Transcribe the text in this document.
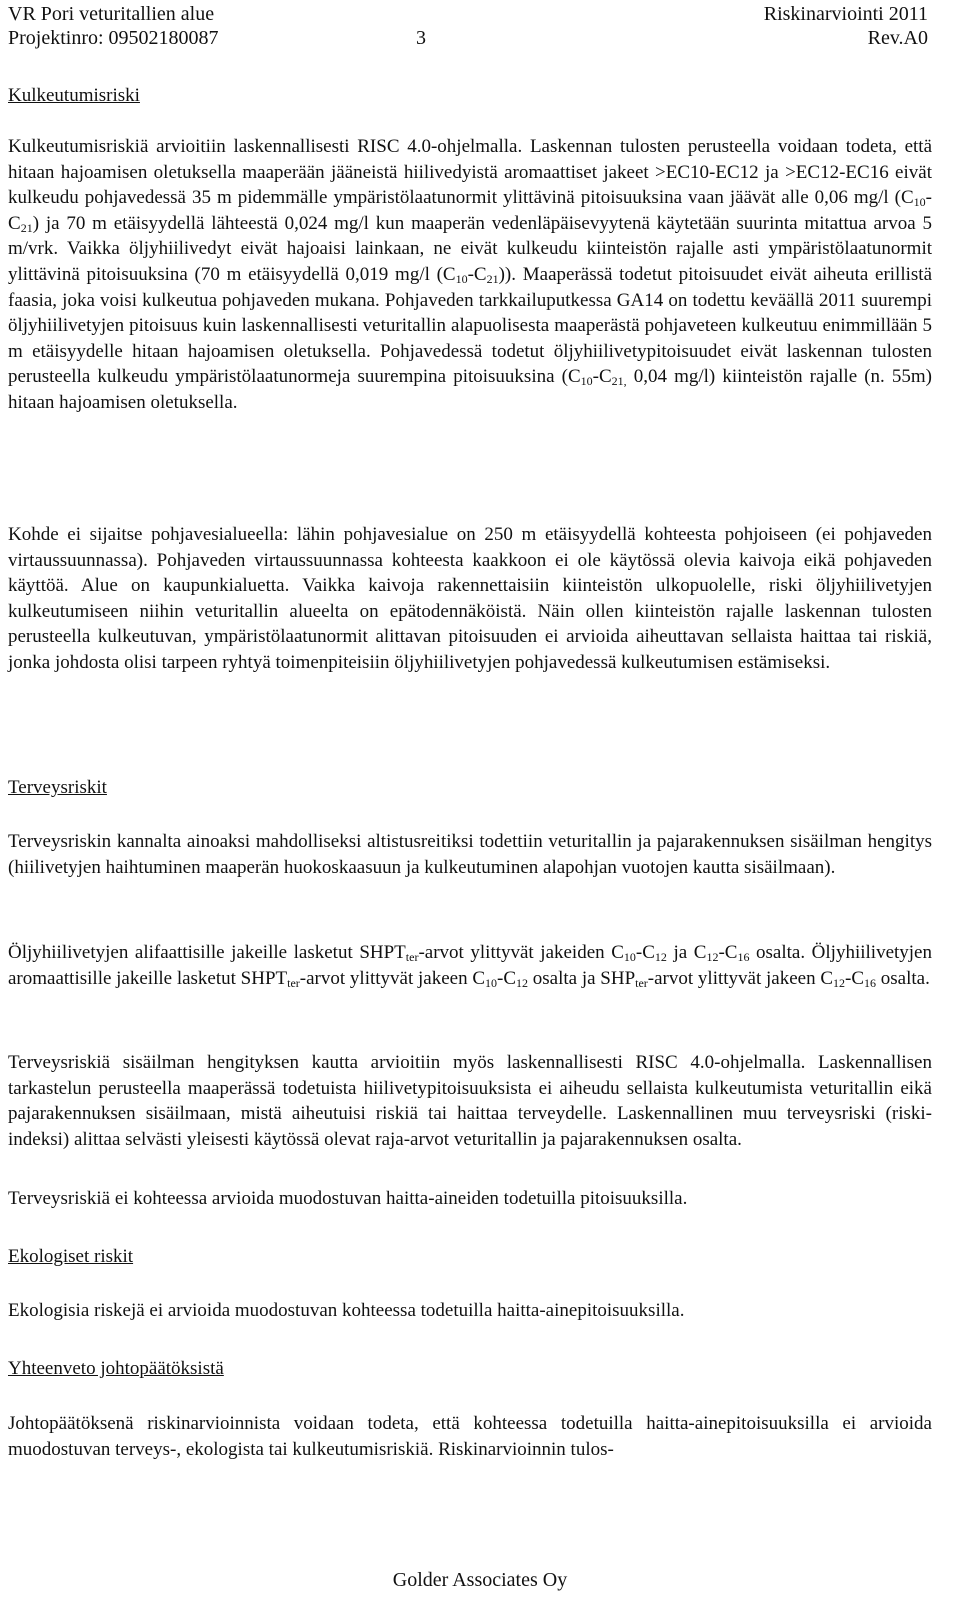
VR Pori veturitallien alue	Riskinarviointi 2011
Projektinro: 09502180087	3	Rev.A0
Kulkeutumisriski

Kulkeutumisriskiä arvioitiin laskennallisesti RISC 4.0-ohjelmalla. Laskennan tulosten perusteella voidaan todeta, että hitaan hajoamisen oletuksella maaperään jääneistä hiilivedyistä aromaattiset jakeet >EC10-EC12 ja >EC12-EC16 eivät kulkeudu pohjavedessä 35 m pidemmälle ympäristölaatunormit ylittävinä pitoisuuksina vaan jäävät alle 0,06 mg/l $(C_{10}-C_{21})$ ja 70 m etäisyydellä lähteestä 0,024 mg/l kun maaperän vedenläpäisevyytenä käytetään suurinta mitattua arvoa 5 m/vrk. Vaikka öljyhiilivedyt eivät hajoaisi lainkaan, ne eivät kulkeudu kiinteistön rajalle asti ympäristölaatunormit ylittävinä pitoisuuksina (70 m etäisyydellä 0,019 mg/l $(C_{10}-C_{21})$). Maaperässä todetut pitoisuudet eivät aiheuta erillistä faasia, joka voisi kulkeutua pohjaveden mukana. Pohjaveden tarkkailuputkessa GA14 on todettu keväällä 2011 suurempi öljyhiilivetyjen pitoisuus kuin laskennallisesti veturitallin alapuolisesta maaperästä pohjaveteen kulkeutuu enimmillään 5 m etäisyydelle hitaan hajoamisen oletuksella. Pohjavedessä todetut öljyhiilivetypitoisuudet eivät laskennan tulosten perusteella kulkeudu ympäristölaatunormeja suurempina pitoisuuksina ($C_{10}-C_{21,}$ 0,04 mg/l) kiinteistön rajalle (n. 55m) hitaan hajoamisen oletuksella.

Kohde ei sijaitse pohjavesialueella: lähin pohjavesialue on 250 m etäisyydellä kohteesta pohjoiseen (ei pohjaveden virtaussuunnassa). Pohjaveden virtaussuunnassa kohteesta kaakkoon ei ole käytössä olevia kaivoja eikä pohjaveden käyttöä. Alue on kaupunkialuetta. Vaikka kaivoja rakennettaisiin kiinteistön ulkopuolelle, riski öljyhiilivetyjen kulkeutumiseen niihin veturitallin alueelta on epätodennäköistä. Näin ollen kiinteistön rajalle laskennan tulosten perusteella kulkeutuvan, ympäristölaatunormit alittavan pitoisuuden ei arvioida aiheuttavan sellaista haittaa tai riskiä, jonka johdosta olisi tarpeen ryhtyä toimenpiteisiin öljyhiilivetyjen pohjavedessä kulkeutumisen estämiseksi.
Terveysriskit
Terveysriskin kannalta ainoaksi mahdolliseksi altistusreitiksi todettiin veturitallin ja pajarakennuksen sisäilman hengitys (hiilivetyjen haihtuminen maaperän huokoskaasuun ja kulkeutuminen alapohjan vuotojen kautta sisäilmaan).

Öljyhiilivetyjen alifaattisille jakeille lasketut $SHPT_{ter}$-arvot ylittyvät jakeiden $C_{10}-C_{12}$ ja $C_{12}-C_{16}$ osalta. Öljyhiilivetyjen aromaattisille jakeille lasketut $SHPT_{ter}$-arvot ylittyvät jakeen $C_{10}-C_{12}$ osalta ja $SHP_{ter}$-arvot ylittyvät jakeen $C_{12}-C_{16}$ osalta.

Terveysriskiä sisäilman hengityksen kautta arvioitiin myös laskennallisesti RISC 4.0-ohjelmalla. Laskennallisen tarkastelun perusteella maaperässä todetuista hiilivetypitoisuuksista ei aiheudu sellaista kulkeutumista veturitallin eikä pajarakennuksen sisäilmaan, mistä aiheutuisi riskiä tai haittaa terveydelle. Laskennallinen muu terveysriski (riski-indeksi) alittaa selvästi yleisesti käytössä olevat raja-arvot veturitallin ja pajarakennuksen osalta.
Terveysriskiä ei kohteessa arvioida muodostuvan haitta-aineiden todetuilla pitoisuuksilla.
Ekologiset riskit
Ekologisia riskejä ei arvioida muodostuvan kohteessa todetuilla haitta-ainepitoisuuksilla.
Yhteenveto johtopäätöksistä
Johtopäätöksenä riskinarvioinnista voidaan todeta, että kohteessa todetuilla haitta-ainepitoisuuksilla ei arvioida muodostuvan terveys-, ekologista tai kulkeutumisriskiä. Riskinarvioinnin tulos-
Golder Associates Oy
